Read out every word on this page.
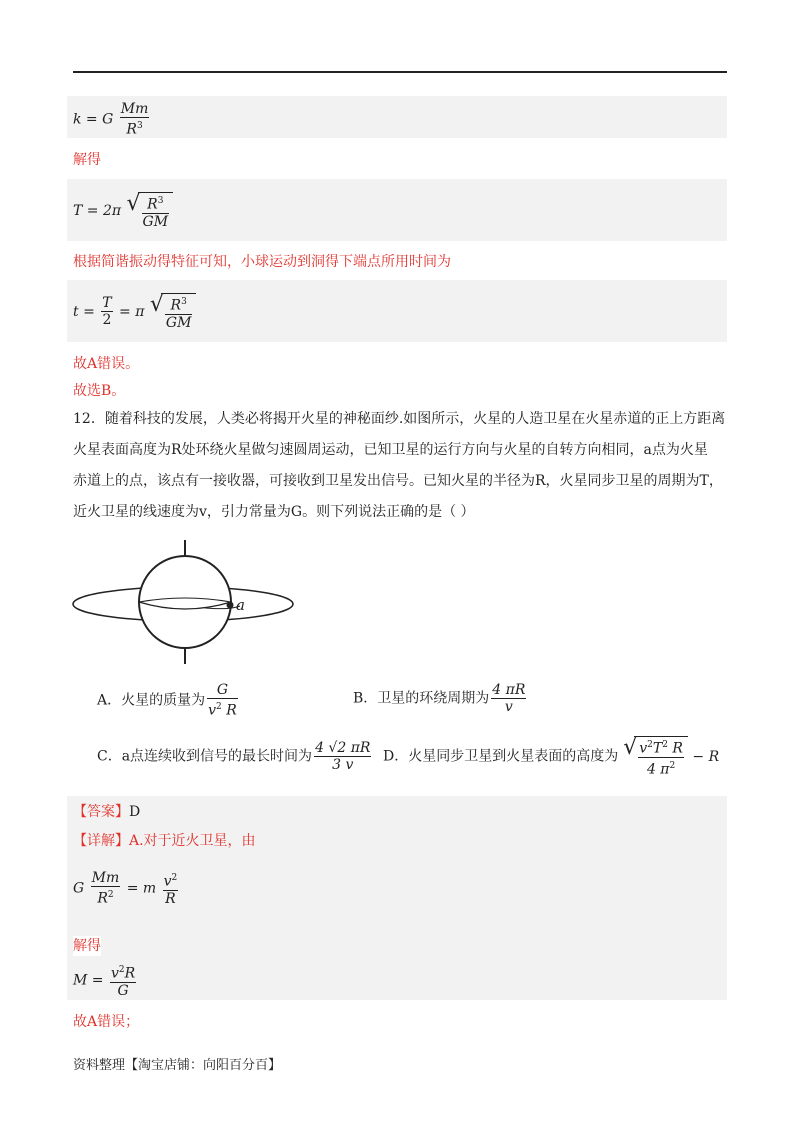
k = G $\frac{Mm}{R^3}$
解得
T = 2π √ $\frac{R^3}{GM}$
根据简谐振动得特征可知，小球运动到洞得下端点所用时间为
$t = \frac{T}{2} = \pi$ √ $\frac{R^3}{GM}$
故A错误。
故选B。
12．随着科技的发展，人类必将揭开火星的神秘面纱.如图所示，火星的人造卫星在火星赤道的正上方距离
火星表面高度为R处环绕火星做匀速圆周运动，已知卫星的运行方向与火星的自转方向相同，a点为火星
赤道上的点，该点有一接收器，可接收到卫星发出信号。已知火星的半径为R，火星同步卫星的周期为T，
近火卫星的线速度为v，引力常量为G。则下列说法正确的是（ ）
a
A．火星的质量为 $\frac{G}{v^2 R}$	B．卫星的环绕周期为 $\frac{4 \pi R}{v}$
C．a点连续收到信号的最长时间为 $\frac{4 √2 \pi R}{3 v}$ D．火星同步卫星到火星表面的高度为 √ $\frac{v^2T^2 R}{4 \pi^2} - R$
【答案】D
【详解】A.对于近火卫星，由
G $\frac{Mm}{R^2} = m \frac{v^2}{R}$
解得
$M = \frac{v^2R}{G}$
故A错误；
资料整理【淘宝店铺：向阳百分百】
